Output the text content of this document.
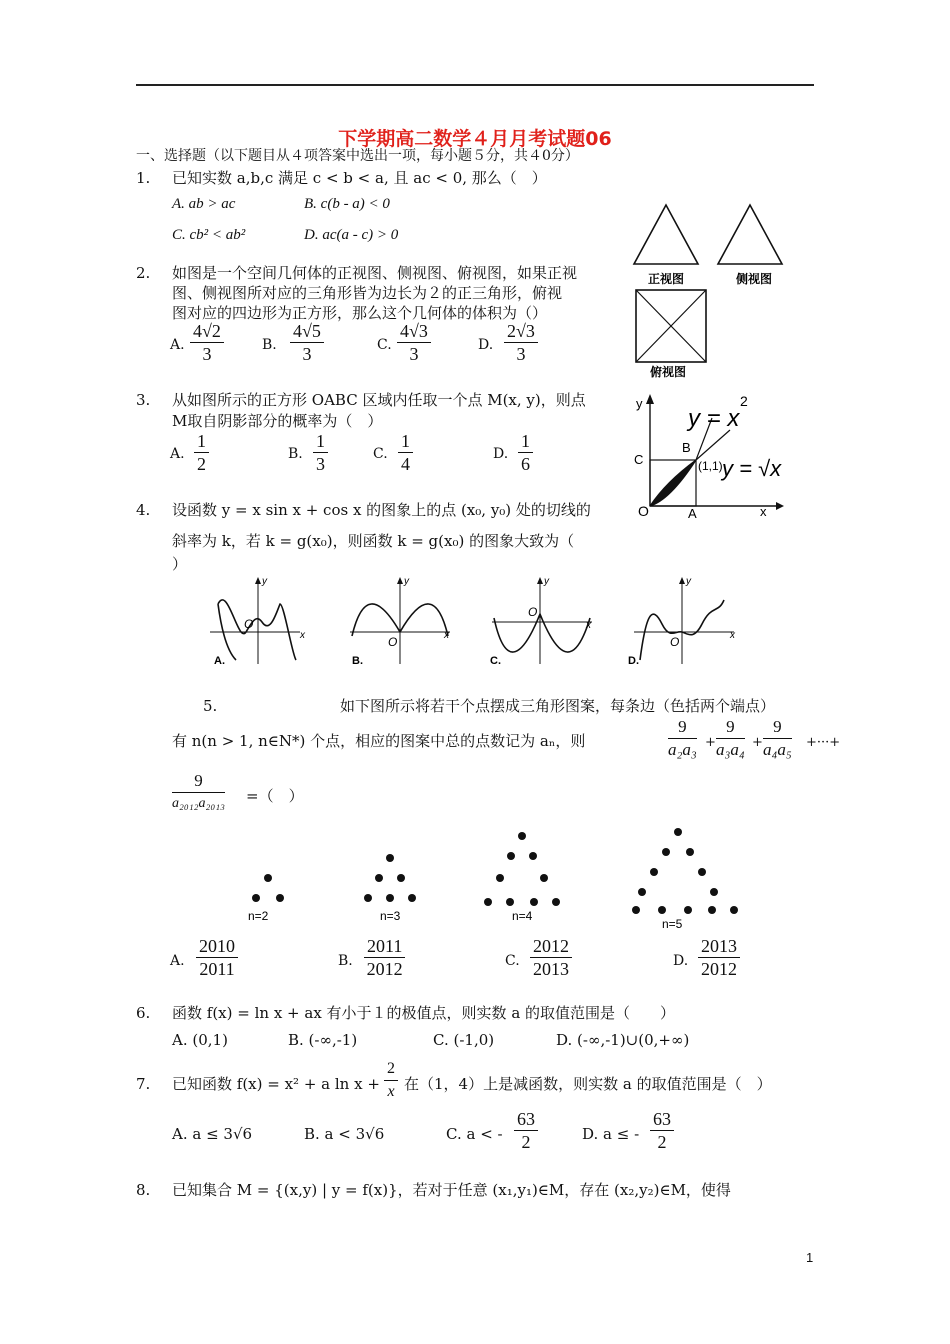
下学期高二数学４月月考试题06
一、选择题（以下题目从４项答案中选出一项，每小题５分，共４0分）
1. 已知实数 a,b,c 满足 c < b < a, 且 ac < 0, 那么（　）
A. ab > ac	B. c(b - a) < 0
C. cb² < ab²	D. ac(a - c) > 0
正视图	侧视图
俯视图
2. 如图是一个空间几何体的正视图、侧视图、俯视图，如果正视
图、侧视图所对应的三角形皆为边长为２的正三角形，俯视
图对应的四边形为正方形，那么这个几何体的体积为（）
A. $\frac{4√2}{3}$	B. $\frac{4√5}{3}$	C. $\frac{4√3}{3}$	D. $\frac{2√3}{3}$
y
x
O	A
C
B
(1,1)
y = x
2
y = √x
3. 从如图所示的正方形 OABC 区域内任取一个点 M(x, y)，则点
M取自阴影部分的概率为（　）
A. $\frac{1}{2}$	B. $\frac{1}{3}$	C. $\frac{1}{4}$	D. $\frac{1}{6}$
4. 设函数 y = x sin x + cos x 的图象上的点 (x₀, y₀) 处的切线的
斜率为 k，若 k = g(x₀)，则函数 k = g(x₀) 的图象大致为（
）
y
x
O
A.
y
x
O
B.
y
x
O
C.
y
x
O
D.
5.	如下图所示将若干个点摆成三角形图案，每条边（色括两个端点）
有 n(n > 1, n∈N*) 个点，相应的图案中总的点数记为 aₙ，则	$\frac{9}{\text{a₂a₃}} + \frac{9}{\text{a₃a₄}} + \frac{9}{\text{a₄a₅}}$ +···+
9
a₂₀₁₂a₂₀₁₃ =（　）
n=2	n=3	n=4
n=5
A. $\frac{2010}{2011}$	B. $\frac{2011}{2012}$	C. $\frac{2012}{2013}$	D. $\frac{2013}{2012}$
6. 函数 f(x) = ln x + ax 有小于１的极值点，则实数 a 的取值范围是（　　）
A. (0,1)	B. (-∞,-1)	C. (-1,0)	D. (-∞,-1)∪(0,+∞)
7. 已知函数 f(x) = x² + a $\ln x + \frac{2}{x}$ 在（1，4）上是减函数，则实数 a 的取值范围是（　）
A. a ≤ 3√6	B. a < 3√6	C. a < - $\frac{63}{2}$	D. a ≤ - $\frac{63}{2}$
8. 已知集合 M = {(x,y) | y = f(x)}，若对于任意 (x₁,y₁)∈M，存在 (x₂,y₂)∈M，使得
1
